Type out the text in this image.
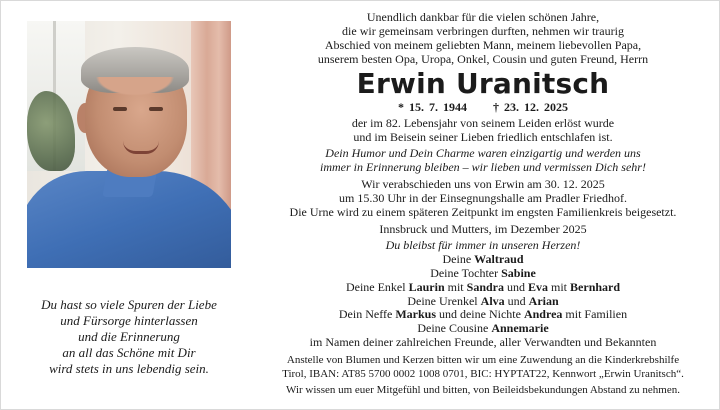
Du hast so viele Spuren der Liebe
und Fürsorge hinterlassen
und die Erinnerung
an all das Schöne mit Dir
wird stets in uns lebendig sein.
Unendlich dankbar für die vielen schönen Jahre,
die wir gemeinsam verbringen durften, nehmen wir traurig
Abschied von meinem geliebten Mann, meinem liebevollen Papa,
unserem besten Opa, Uropa, Onkel, Cousin und guten Freund, Herrn
Erwin Uranitsch
* 15. 7. 1944 † 23. 12. 2025
der im 82. Lebensjahr von seinem Leiden erlöst wurde
und im Beisein seiner Lieben friedlich entschlafen ist.
Dein Humor und Dein Charme waren einzigartig und werden uns
immer in Erinnerung bleiben – wir lieben und vermissen Dich sehr!
Wir verabschieden uns von Erwin am 30. 12. 2025
um 15.30 Uhr in der Einsegnungshalle am Pradler Friedhof.
Die Urne wird zu einem späteren Zeitpunkt im engsten Familienkreis beigesetzt.
Innsbruck und Mutters, im Dezember 2025
Du bleibst für immer in unseren Herzen!
Deine Waltraud
Deine Tochter Sabine
Deine Enkel Laurin mit Sandra und Eva mit Bernhard
Deine Urenkel Alva und Arian
Dein Neffe Markus und deine Nichte Andrea mit Familien
Deine Cousine Annemarie
im Namen deiner zahlreichen Freunde, aller Verwandten und Bekannten
Anstelle von Blumen und Kerzen bitten wir um eine Zuwendung an die Kinderkrebshilfe
Tirol, IBAN: AT85 5700 0002 1008 0701, BIC: HYPTAT22, Kennwort „Erwin Uranitsch“.
Wir wissen um euer Mitgefühl und bitten, von Beileidsbekundungen Abstand zu nehmen.
